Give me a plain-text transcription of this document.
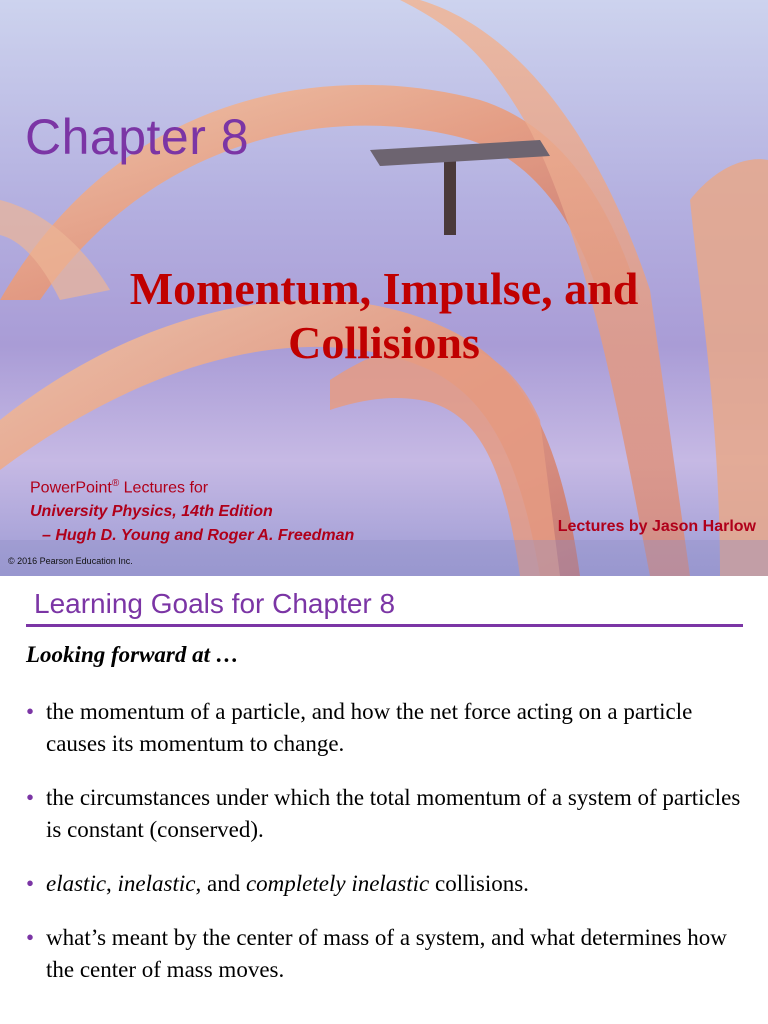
Chapter 8
Momentum, Impulse, and
Collisions
PowerPoint® Lectures for
University Physics, 14th Edition
– Hugh D. Young and Roger A. Freedman
Lectures by Jason Harlow
© 2016 Pearson Education Inc.
Learning Goals for Chapter 8

Looking forward at …

• the momentum of a particle, and how the net force acting on a particle causes its momentum to change.
• the circumstances under which the total momentum of a system of particles is constant (conserved).
• elastic, inelastic, and completely inelastic collisions.
• what’s meant by the center of mass of a system, and what determines how the center of mass moves.
